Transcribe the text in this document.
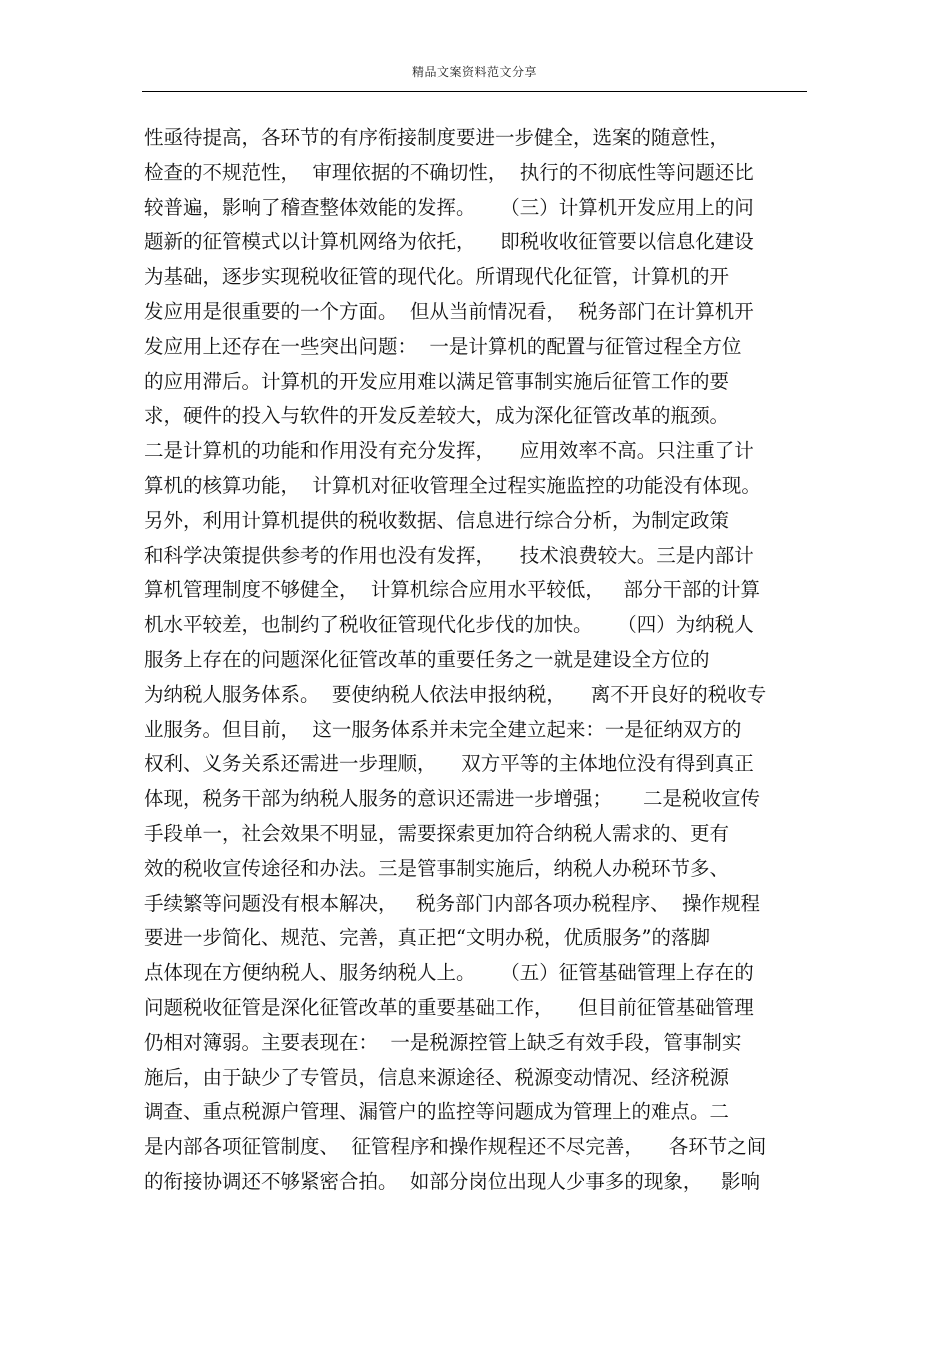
精品文案资料范文分享
性亟待提高，各环节的有序衔接制度要进一步健全，选案的随意性，
检查的不规范性，  审理依据的不确切性，  执行的不彻底性等问题还比
较普遍，影响了稽查整体效能的发挥。    （三）计算机开发应用上的问
题新的征管模式以计算机网络为依托，    即税收收征管要以信息化建设
为基础，逐步实现税收征管的现代化。所谓现代化征管，计算机的开
发应用是很重要的一个方面。  但从当前情况看，  税务部门在计算机开
发应用上还存在一些突出问题：  一是计算机的配置与征管过程全方位
的应用滞后。计算机的开发应用难以满足管事制实施后征管工作的要
求，硬件的投入与软件的开发反差较大，成为深化征管改革的瓶颈。
二是计算机的功能和作用没有充分发挥，    应用效率不高。只注重了计
算机的核算功能，  计算机对征收管理全过程实施监控的功能没有体现。
另外，利用计算机提供的税收数据、信息进行综合分析，为制定政策
和科学决策提供参考的作用也没有发挥，    技术浪费较大。三是内部计
算机管理制度不够健全，  计算机综合应用水平较低，   部分干部的计算
机水平较差，也制约了税收征管现代化步伐的加快。    （四）为纳税人
服务上存在的问题深化征管改革的重要任务之一就是建设全方位的
为纳税人服务体系。  要使纳税人依法申报纳税，    离不开良好的税收专
业服务。但目前，  这一服务体系并未完全建立起来：一是征纳双方的
权利、义务关系还需进一步理顺，    双方平等的主体地位没有得到真正
体现，税务干部为纳税人服务的意识还需进一步增强；     二是税收宣传
手段单一，社会效果不明显，需要探索更加符合纳税人需求的、更有
效的税收宣传途径和办法。三是管事制实施后，纳税人办税环节多、
手续繁等问题没有根本解决，   税务部门内部各项办税程序、  操作规程
要进一步简化、规范、完善，真正把“文明办税，优质服务”的落脚
点体现在方便纳税人、服务纳税人上。    （五）征管基础管理上存在的
问题税收征管是深化征管改革的重要基础工作，    但目前征管基础管理
仍相对簿弱。主要表现在：  一是税源控管上缺乏有效手段，管事制实
施后，由于缺少了专管员，信息来源途径、税源变动情况、经济税源
调查、重点税源户管理、漏管户的监控等问题成为管理上的难点。二
是内部各项征管制度、  征管程序和操作规程还不尽完善，    各环节之间
的衔接协调还不够紧密合拍。  如部分岗位出现人少事多的现象，   影响
